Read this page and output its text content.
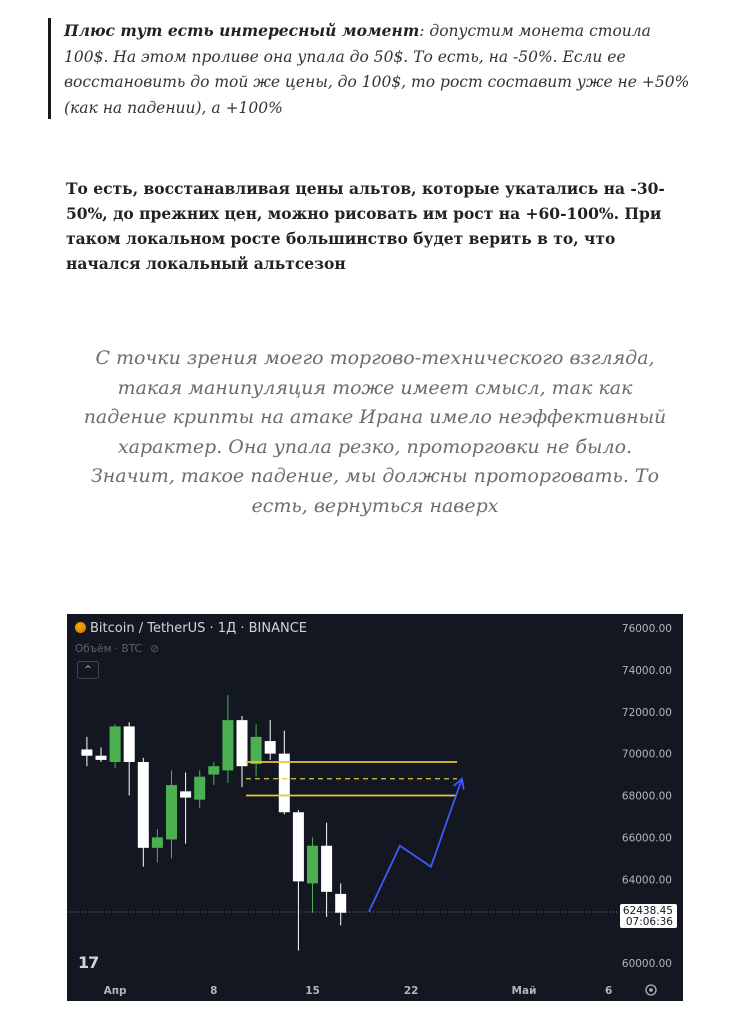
Плюс тут есть интересный момент: допустим монета стоила 100$. На этом проливе она упала до 50$. То есть, на -50%. Если ее восстановить до той же цены, до 100$, то рост составит уже не +50% (как на падении), а +100%
То есть, восстанавливая цены альтов, которые укатались на -30-50%, до прежних цен, можно рисовать им рост на +60-100%. При таком локальном росте большинство будет верить в то, что начался локальный альтсезон
С точки зрения моего торгово-технического взгляда, такая манипуляция тоже имеет смысл, так как падение крипты на атаке Ирана имело неэффективный характер. Она упала резко, проторговки не было. Значит, такое падение, мы должны проторговать. То есть, вернуться наверх
76000.00
74000.00
72000.00
70000.00
68000.00
66000.00
64000.00
60000.00
Апр	8	15	22	Май	6
62438.45
07:06:36
Bitcoin / TetherUS · 1Д · BINANCE
Объём · BTC ⊘
^
17
